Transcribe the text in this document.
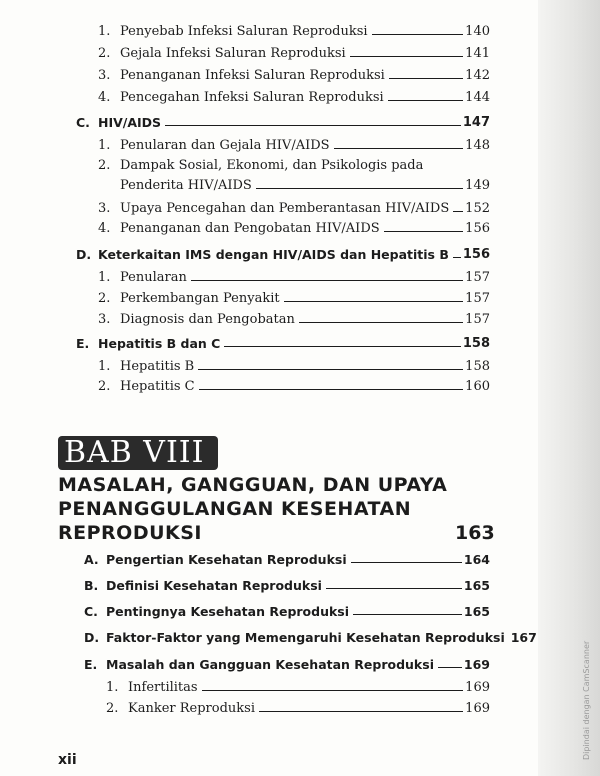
1. Penyebab Infeksi Saluran Reproduksi	140
2. Gejala Infeksi Saluran Reproduksi	141
3. Penanganan Infeksi Saluran Reproduksi	142
4. Pencegahan Infeksi Saluran Reproduksi	144
C. HIV/AIDS	147
1. Penularan dan Gejala HIV/AIDS	148
2. Dampak Sosial, Ekonomi, dan Psikologis pada
Penderita HIV/AIDS	149
3. Upaya Pencegahan dan Pemberantasan HIV/AIDS 152
4. Penanganan dan Pengobatan HIV/AIDS	156
D. Keterkaitan IMS dengan HIV/AIDS dan Hepatitis B 156
1. Penularan	157
2. Perkembangan Penyakit	157
3. Diagnosis dan Pengobatan	157
E. Hepatitis B dan C	158
1. Hepatitis B	158
2. Hepatitis C	160
BAB VIII
MASALAH, GANGGUAN, DAN UPAYA
PENANGGULANGAN KESEHATAN
REPRODUKSI	163
A. Pengertian Kesehatan Reproduksi	164
B. Definisi Kesehatan Reproduksi	165
C. Pentingnya Kesehatan Reproduksi	165
D. Faktor-Faktor yang Memengaruhi Kesehatan Reproduksi 167
E. Masalah dan Gangguan Kesehatan Reproduksi 169
1. Infertilitas	169
2. Kanker Reproduksi	169
xii	Dipindai dengan CamScanner
